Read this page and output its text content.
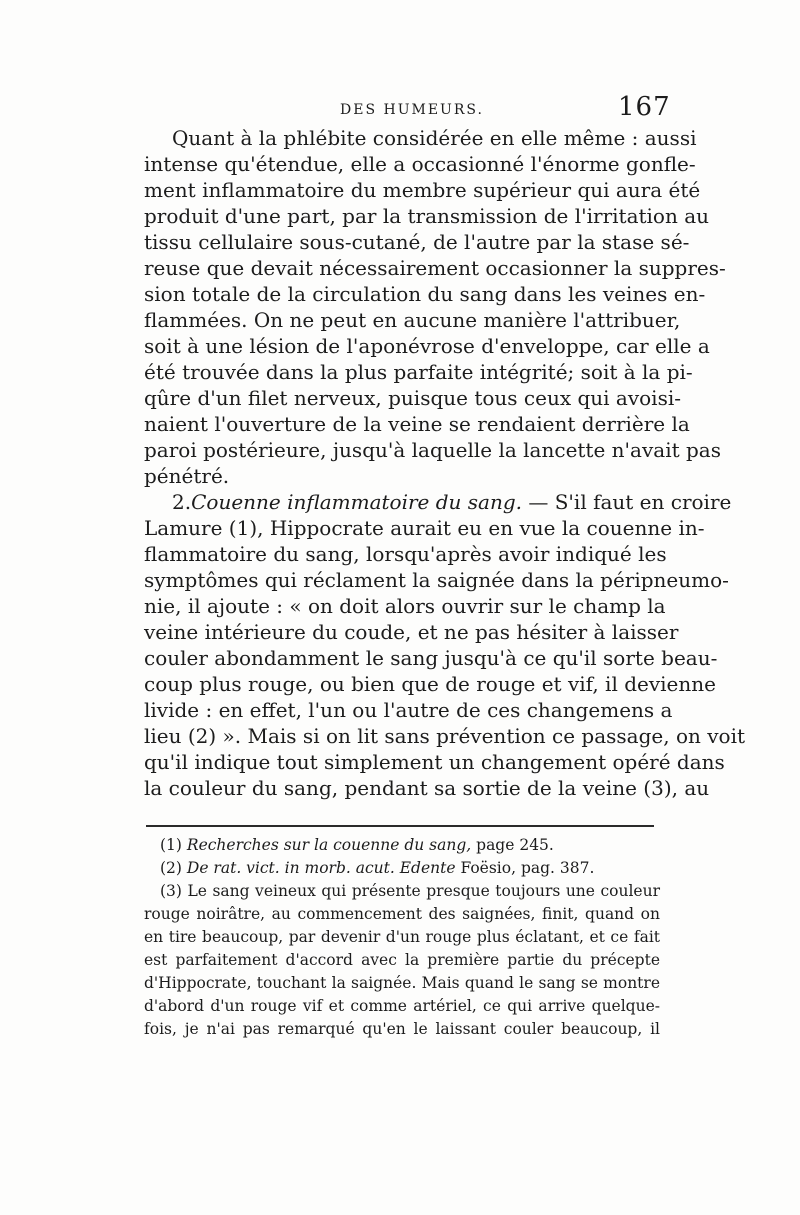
DES HUMEURS.	167
Quant à la phlébite considérée en elle même : aussi
intense qu'étendue, elle a occasionné l'énorme gonfle-
ment inflammatoire du membre supérieur qui aura été
produit d'une part, par la transmission de l'irritation au
tissu cellulaire sous-cutané, de l'autre par la stase sé-
reuse que devait nécessairement occasionner la suppres-
sion totale de la circulation du sang dans les veines en-
flammées. On ne peut en aucune manière l'attribuer,
soit à une lésion de l'aponévrose d'enveloppe, car elle a
été trouvée dans la plus parfaite intégrité; soit à la pi-
qûre d'un filet nerveux, puisque tous ceux qui avoisi-
naient l'ouverture de la veine se rendaient derrière la
paroi postérieure, jusqu'à laquelle la lancette n'avait pas
pénétré.
2.Couenne inflammatoire du sang. — S'il faut en croire
Lamure (1), Hippocrate aurait eu en vue la couenne in-
flammatoire du sang, lorsqu'après avoir indiqué les
symptômes qui réclament la saignée dans la péripneumo-
nie, il ajoute : « on doit alors ouvrir sur le champ la
veine intérieure du coude, et ne pas hésiter à laisser
couler abondamment le sang jusqu'à ce qu'il sorte beau-
coup plus rouge, ou bien que de rouge et vif, il devienne
livide : en effet, l'un ou l'autre de ces changemens a
lieu (2) ». Mais si on lit sans prévention ce passage, on voit
qu'il indique tout simplement un changement opéré dans
la couleur du sang, pendant sa sortie de la veine (3), au
(1) Recherches sur la couenne du sang, page 245.
(2) De rat. vict. in morb. acut. Edente Foësio, pag. 387.
(3) Le sang veineux qui présente presque toujours une couleur
rouge noirâtre, au commencement des saignées, finit, quand on
en tire beaucoup, par devenir d'un rouge plus éclatant, et ce fait
est parfaitement d'accord avec la première partie du précepte
d'Hippocrate, touchant la saignée. Mais quand le sang se montre
d'abord d'un rouge vif et comme artériel, ce qui arrive quelque-
fois, je n'ai pas remarqué qu'en le laissant couler beaucoup, il
